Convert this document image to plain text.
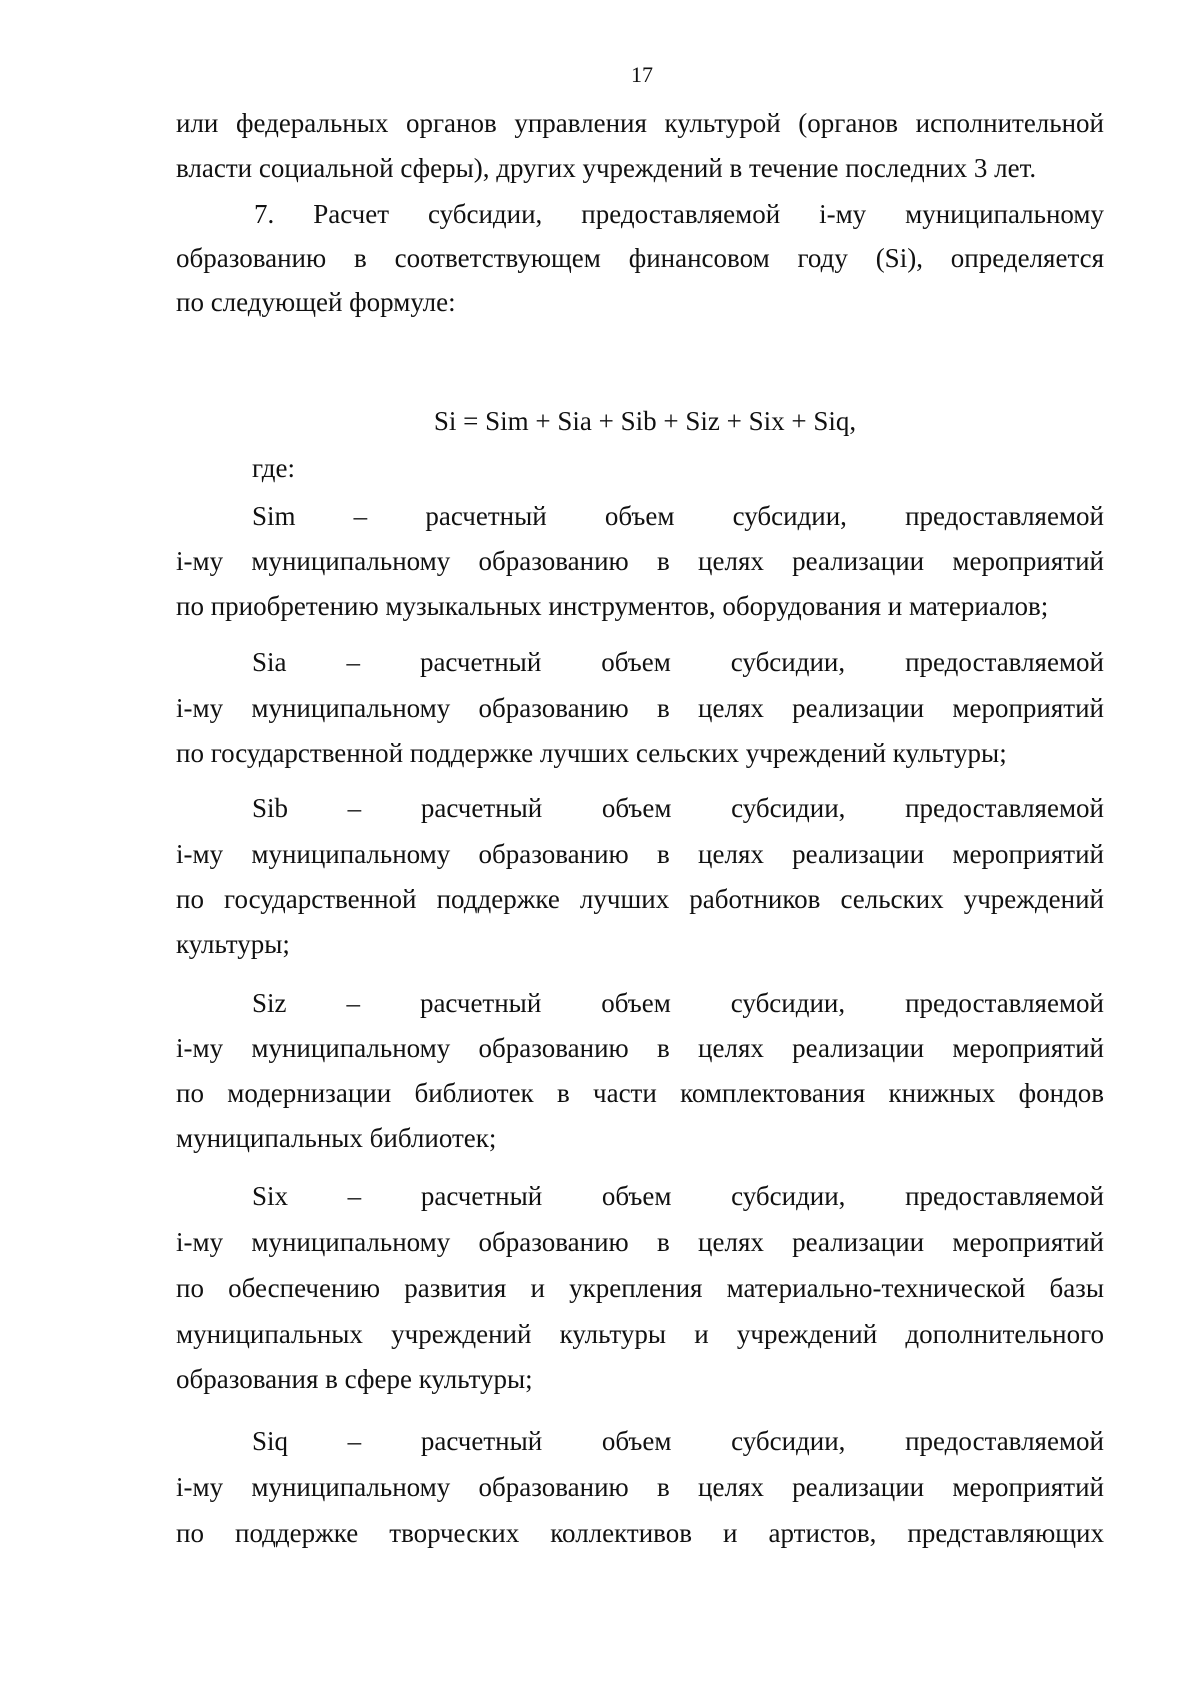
17
или федеральных органов управления культурой (органов исполнительной
власти социальной сферы), других учреждений в течение последних 3 лет.
7. Расчет субсидии, предоставляемой i-му муниципальному
образованию в соответствующем финансовом году (Si), определяется
по следующей формуле:
Si = Sim + Sia + Sib + Siz + Six + Siq,
где:
Sim – расчетный объем субсидии, предоставляемой
i-му муниципальному образованию в целях реализации мероприятий
по приобретению музыкальных инструментов, оборудования и материалов;
Sia – расчетный объем субсидии, предоставляемой
i-му муниципальному образованию в целях реализации мероприятий
по государственной поддержке лучших сельских учреждений культуры;
Sib – расчетный объем субсидии, предоставляемой
i-му муниципальному образованию в целях реализации мероприятий
по государственной поддержке лучших работников сельских учреждений
культуры;
Siz – расчетный объем субсидии, предоставляемой
i-му муниципальному образованию в целях реализации мероприятий
по модернизации библиотек в части комплектования книжных фондов
муниципальных библиотек;
Six – расчетный объем субсидии, предоставляемой
i-му муниципальному образованию в целях реализации мероприятий
по обеспечению развития и укрепления материально-технической базы
муниципальных учреждений культуры и учреждений дополнительного
образования в сфере культуры;
Siq – расчетный объем субсидии, предоставляемой
i-му муниципальному образованию в целях реализации мероприятий
по поддержке творческих коллективов и артистов, представляющих
